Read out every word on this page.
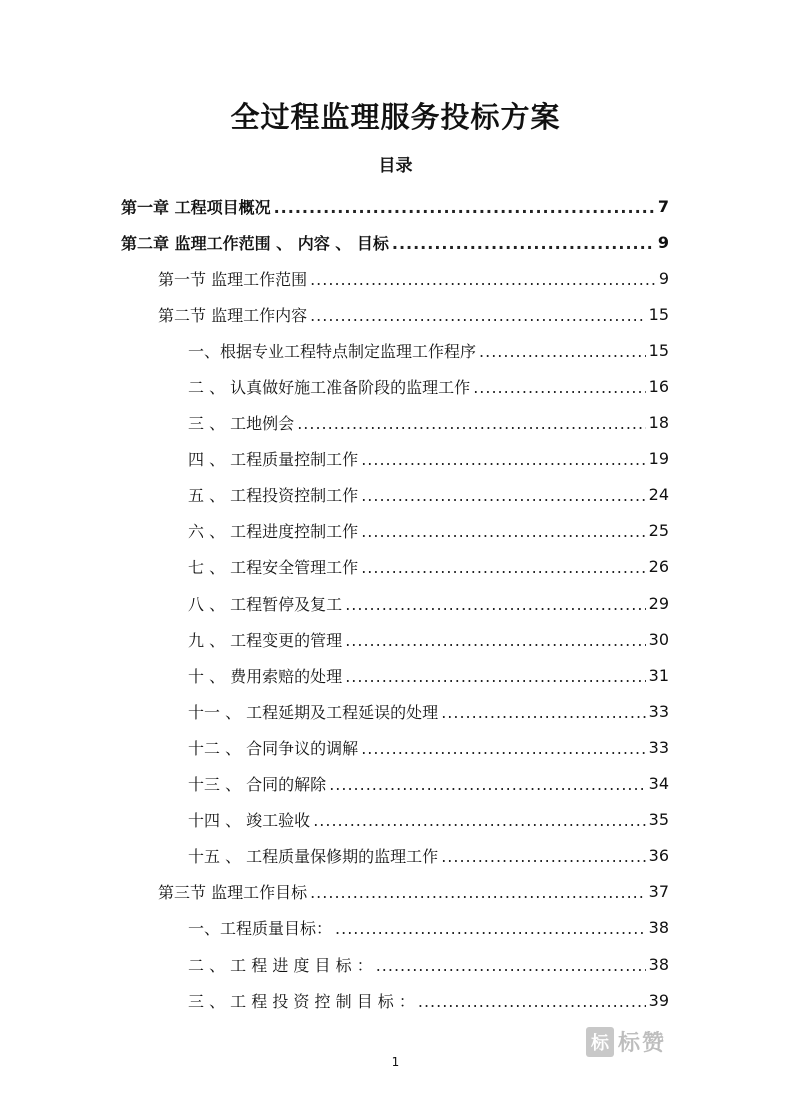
全过程监理服务投标方案
目录
第一章 工程项目概况 .....	7
第二章 监理工作范围 、 内容 、 目标 .....	9
第一节 监理工作范围 .....	9
第二节 监理工作内容 .....	15
一、根据专业工程特点制定监理工作程序 .....	15
二 、 认真做好施工准备阶段的监理工作 .....	16
三 、 工地例会 .....	18
四 、 工程质量控制工作 .....	19
五 、 工程投资控制工作 .....	24
六 、 工程进度控制工作 .....	25
七 、 工程安全管理工作 .....	26
八 、 工程暂停及复工 .....	29
九 、 工程变更的管理 .....	30
十 、 费用索赔的处理 .....	31
十一 、 工程延期及工程延误的处理 .....	33
十二 、 合同争议的调解 .....	33
十三 、 合同的解除 .....	34
十四 、 竣工验收 .....	35
十五 、 工程质量保修期的监理工作 .....	36
第三节 监理工作目标 .....	37
一、工程质量目标： .....	38
二 、 工 程 进 度 目 标 ： .....	38
三 、 工 程 投 资 控 制 目 标 ： .....	39
1
标 标赞
